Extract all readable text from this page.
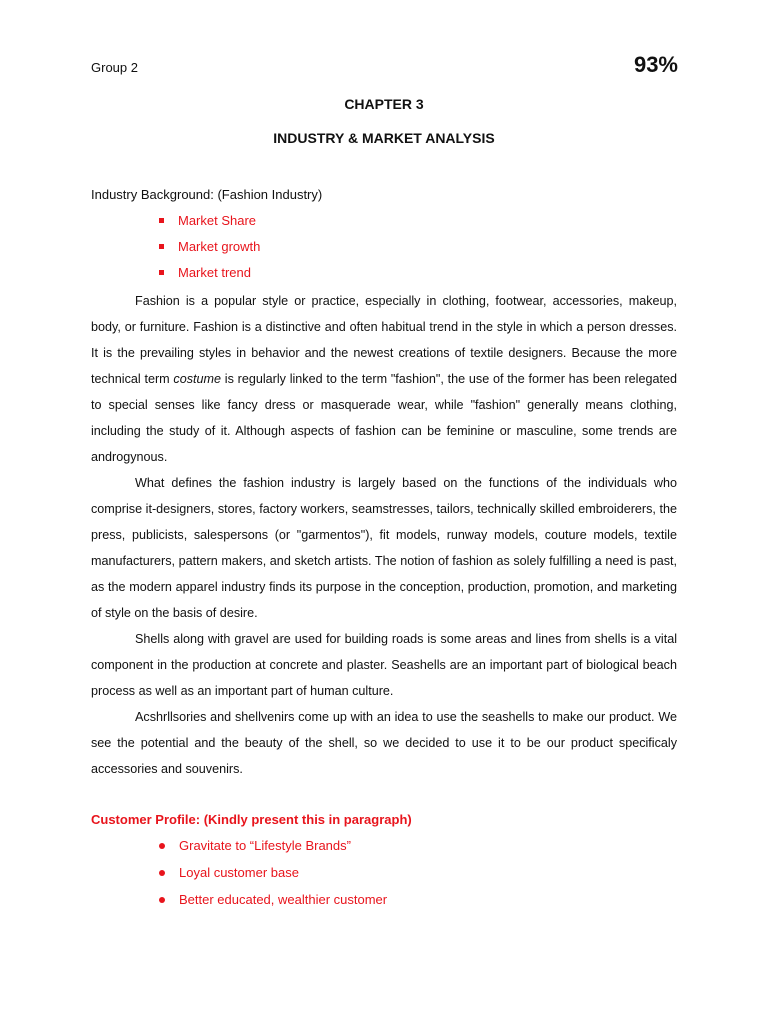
Group 2	93%
CHAPTER 3
INDUSTRY & MARKET ANALYSIS
Industry Background: (Fashion Industry)
Market Share
Market growth
Market trend

Fashion is a popular style or practice, especially in clothing, footwear, accessories, makeup, body, or furniture. Fashion is a distinctive and often habitual trend in the style in which a person dresses. It is the prevailing styles in behavior and the newest creations of textile designers. Because the more technical term costume is regularly linked to the term "fashion", the use of the former has been relegated to special senses like fancy dress or masquerade wear, while "fashion" generally means clothing, including the study of it. Although aspects of fashion can be feminine or masculine, some trends are androgynous.

What defines the fashion industry is largely based on the functions of the individuals who comprise it-designers, stores, factory workers, seamstresses, tailors, technically skilled embroiderers, the press, publicists, salespersons (or "garmentos"), fit models, runway models, couture models, textile manufacturers, pattern makers, and sketch artists. The notion of fashion as solely fulfilling a need is past, as the modern apparel industry finds its purpose in the conception, production, promotion, and marketing of style on the basis of desire.

Shells along with gravel are used for building roads is some areas and lines from shells is a vital component in the production at concrete and plaster. Seashells are an important part of biological beach process as well as an important part of human culture.

Acshrllsories and shellvenirs come up with an idea to use the seashells to make our product. We see the potential and the beauty of the shell, so we decided to use it to be our product specificaly accessories and souvenirs.

Customer Profile: (Kindly present this in paragraph)
Gravitate to “Lifestyle Brands”
Loyal customer base
Better educated, wealthier customer
